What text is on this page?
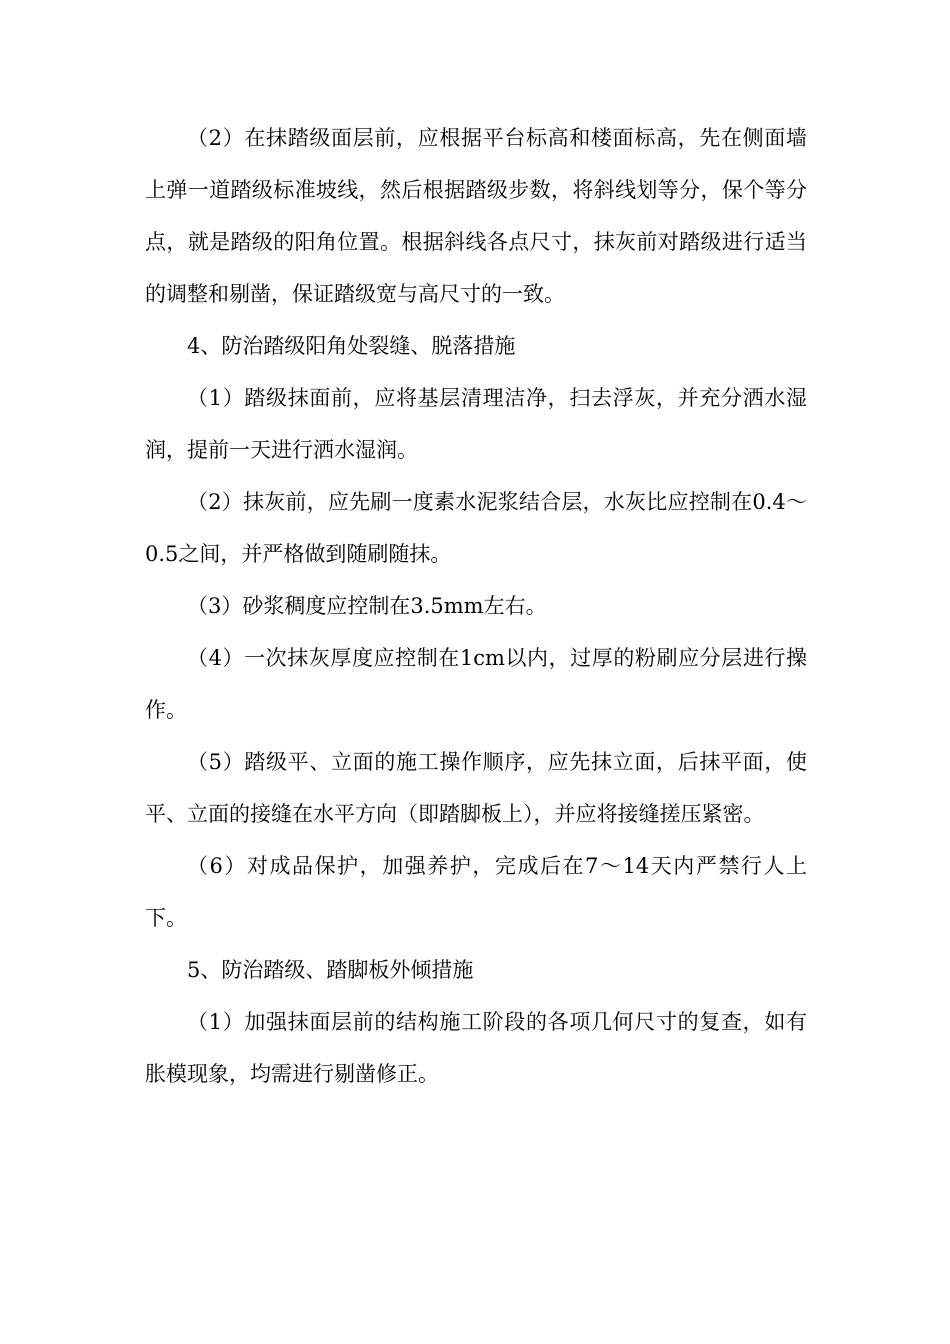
（2）在抹踏级面层前，应根据平台标高和楼面标高，先在侧面墙上弹一道踏级标准坡线，然后根据踏级步数，将斜线划等分，保个等分点，就是踏级的阳角位置。根据斜线各点尺寸，抹灰前对踏级进行适当的调整和剔凿，保证踏级宽与高尺寸的一致。

4、防治踏级阳角处裂缝、脱落措施

（1）踏级抹面前，应将基层清理洁净，扫去浮灰，并充分洒水湿润，提前一天进行洒水湿润。

（2）抹灰前，应先刷一度素水泥浆结合层，水灰比应控制在0.4～0.5之间，并严格做到随刷随抹。

（3）砂浆稠度应控制在3.5mm左右。

（4）一次抹灰厚度应控制在1cm以内，过厚的粉刷应分层进行操作。

（5）踏级平、立面的施工操作顺序，应先抹立面，后抹平面，使平、立面的接缝在水平方向（即踏脚板上），并应将接缝搓压紧密。

（6）对成品保护，加强养护，完成后在7～14天内严禁行人上下。

5、防治踏级、踏脚板外倾措施

（1）加强抹面层前的结构施工阶段的各项几何尺寸的复查，如有胀模现象，均需进行剔凿修正。
